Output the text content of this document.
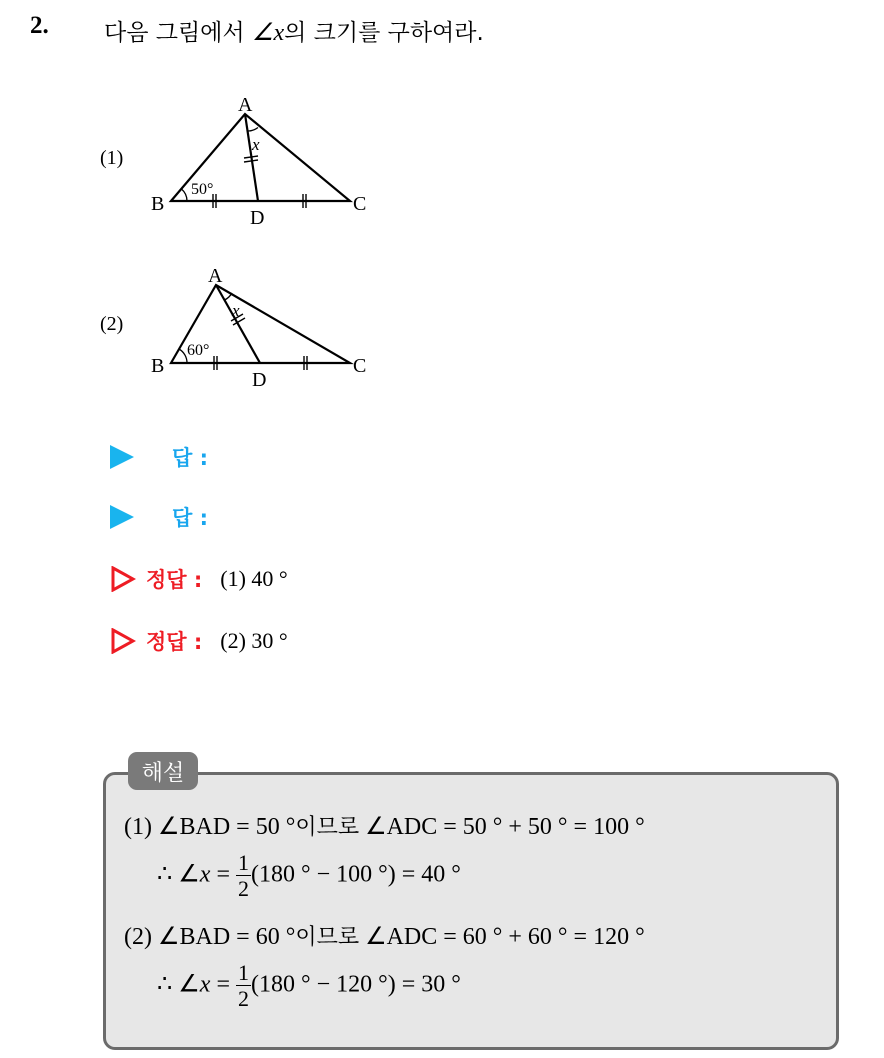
2. 다음 그림에서 ∠x의 크기를 구하여라.
(1)
A
B	C
D
50°
x
(2)
A
B	C
D
60°
x
답 :
답 :
정답 : (1) 40 °
정답 : (2) 30 °
해설
(1) ∠BAD = 50 °이므로 ∠ADC = 50 ° + 50 ° = 100 °
∴ ∠x = $\frac{1}{2} (180$ ° − 100 °) = 40 °
(2) ∠BAD = 60 °이므로 ∠ADC = 60 ° + 60 ° = 120 °
∴ ∠x = $\frac{1}{2} (180$ ° − 120 °) = 30 °
